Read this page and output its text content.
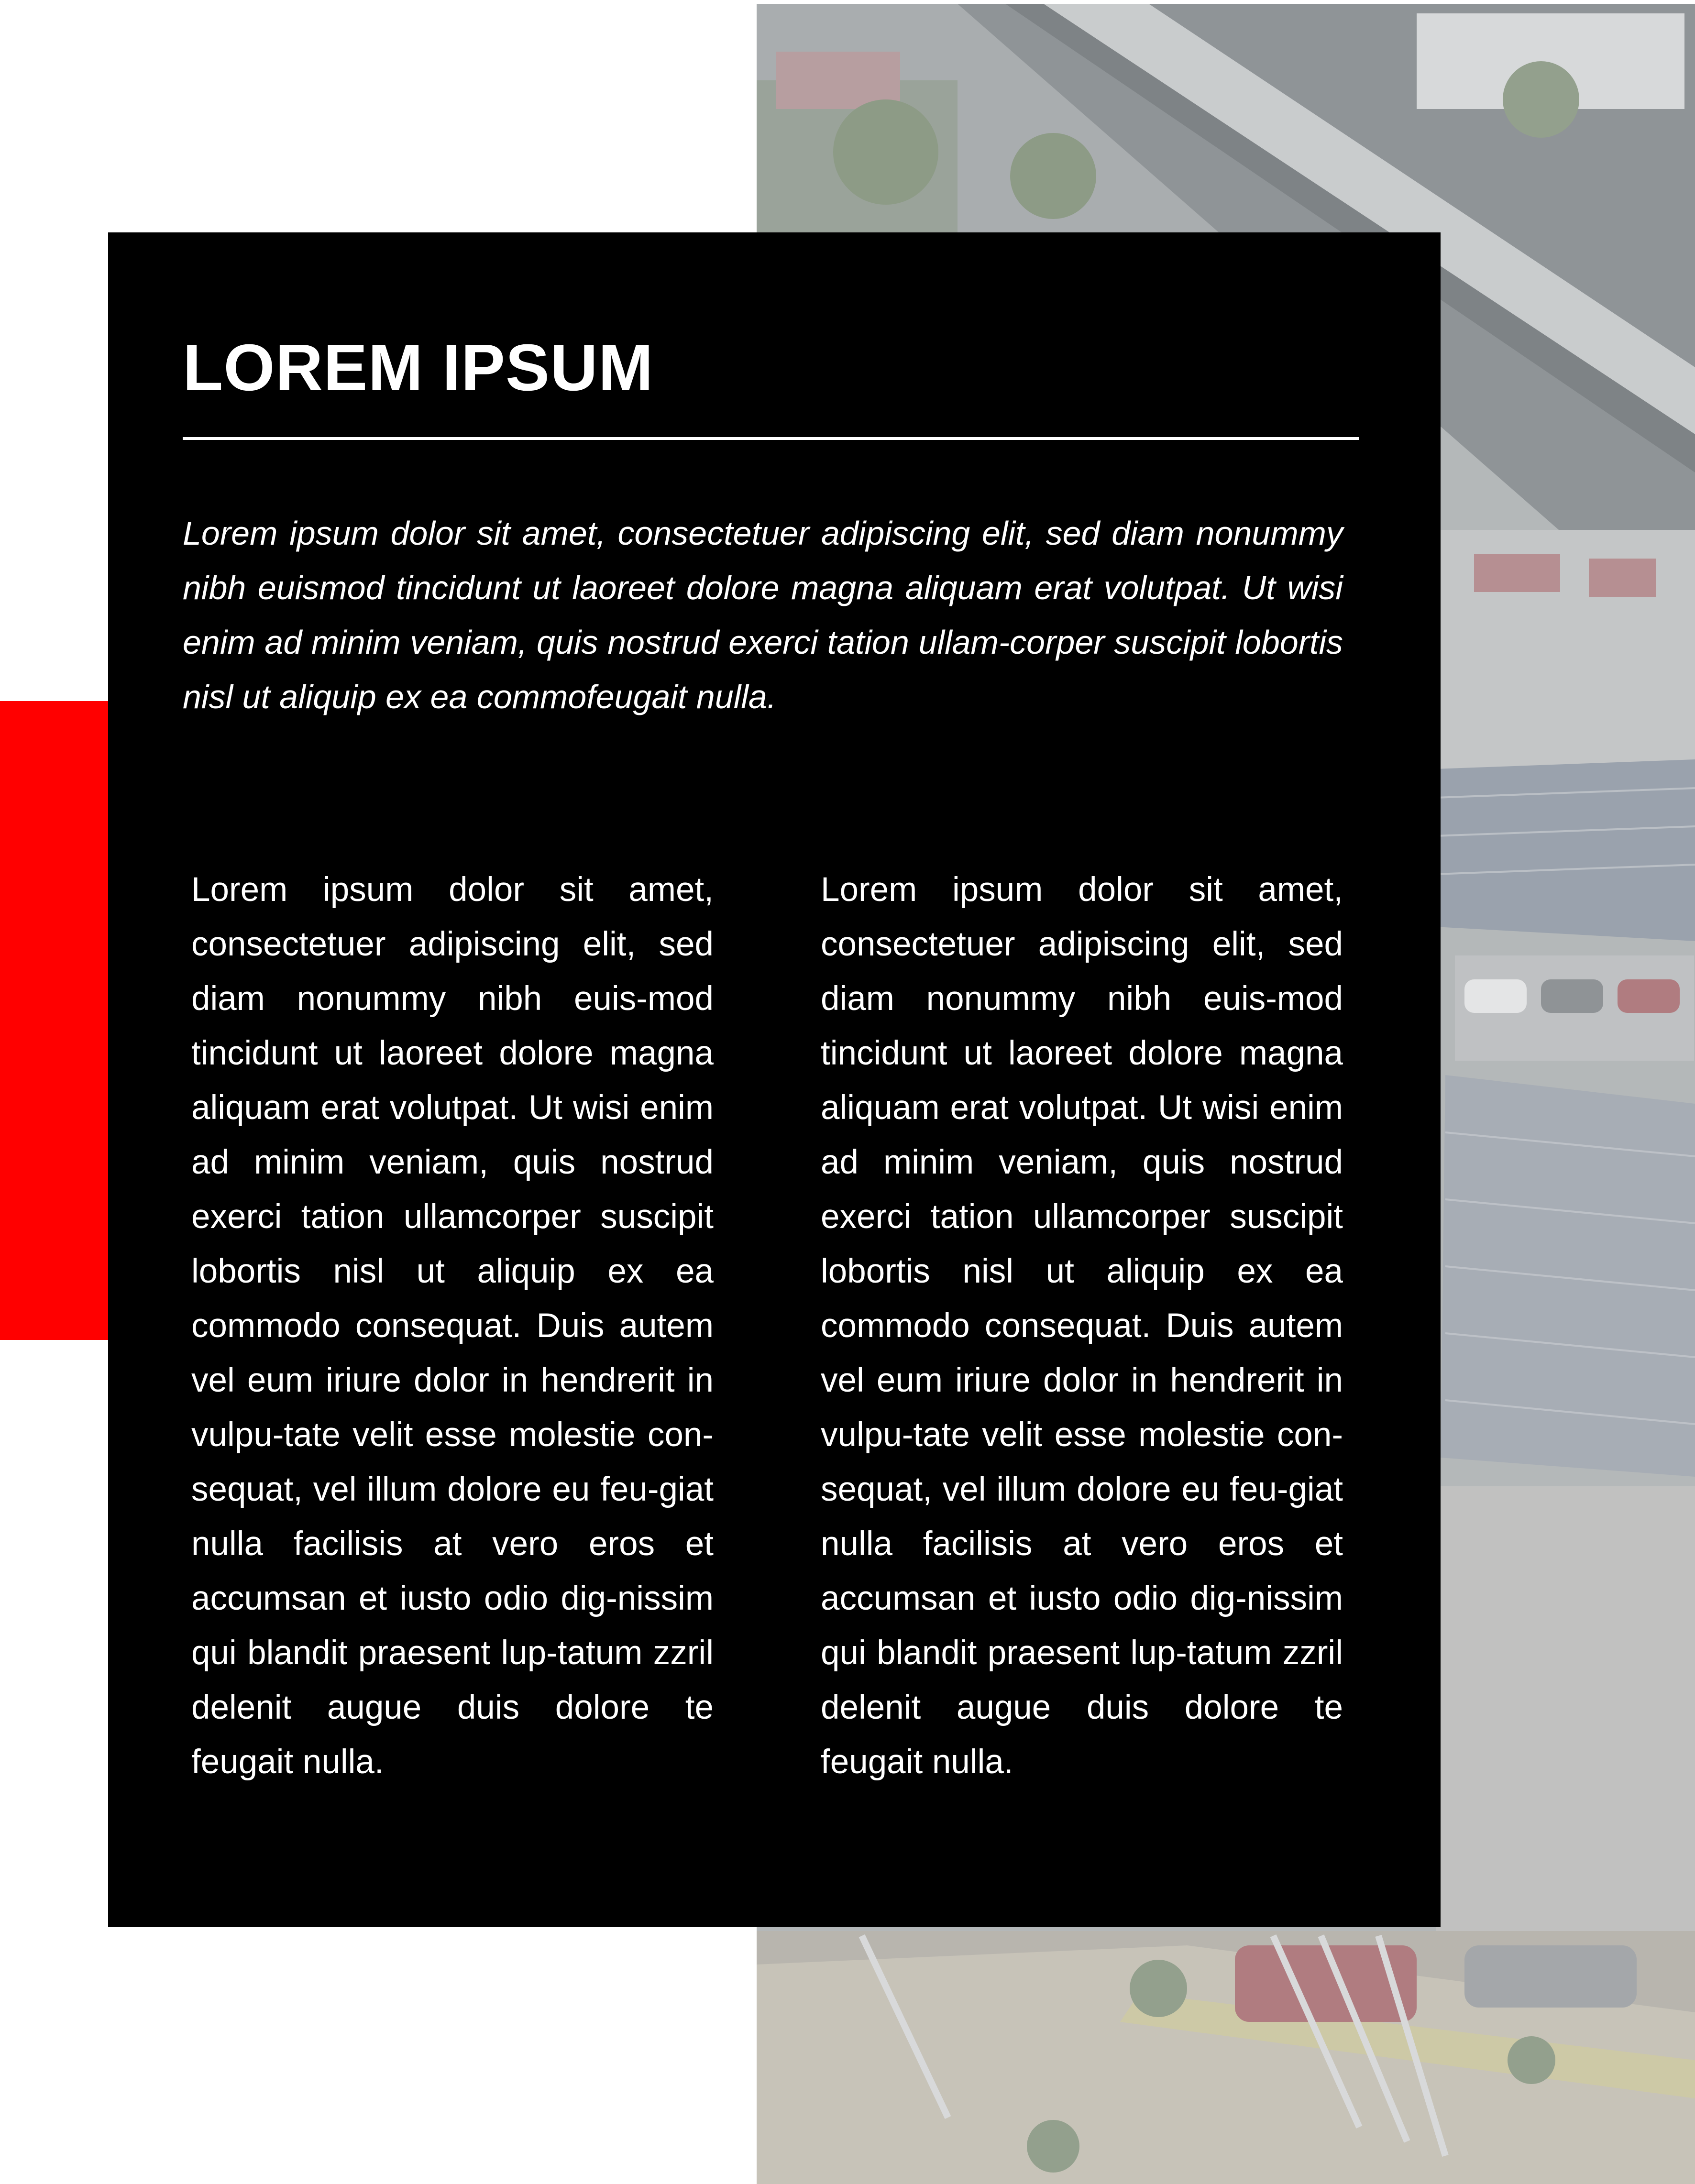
LOREM IPSUM

Lorem ipsum dolor sit amet, consectetuer adipiscing elit, sed diam nonummy nibh euismod tincidunt ut laoreet dolore magna aliquam erat volutpat. Ut wisi enim ad minim veniam, quis nostrud exerci tation ullam-corper suscipit lobortis nisl ut aliquip ex ea commofeugait nulla.

Lorem ipsum dolor sit amet, consectetuer adipiscing elit, sed diam nonummy nibh euis-mod tincidunt ut laoreet dolore magna aliquam erat volutpat. Ut wisi enim ad minim veniam, quis nostrud exerci tation ullamcorper suscipit lobortis nisl ut aliquip ex ea commodo consequat. Duis autem vel eum iriure dolor in hendrerit in vulpu-tate velit esse molestie con-sequat, vel illum dolore eu feu-giat nulla facilisis at vero eros et accumsan et iusto odio dig-nissim qui blandit praesent lup-tatum zzril delenit augue duis dolore te feugait nulla.

Lorem ipsum dolor sit amet, consectetuer adipiscing elit, sed diam nonummy nibh euis-mod tincidunt ut laoreet dolore magna aliquam erat volutpat. Ut wisi enim ad minim veniam, quis nostrud exerci tation ullamcorper suscipit lobortis nisl ut aliquip ex ea commodo consequat. Duis autem vel eum iriure dolor in hendrerit in vulpu-tate velit esse molestie con-sequat, vel illum dolore eu feu-giat nulla facilisis at vero eros et accumsan et iusto odio dig-nissim qui blandit praesent lup-tatum zzril delenit augue duis dolore te feugait nulla.
